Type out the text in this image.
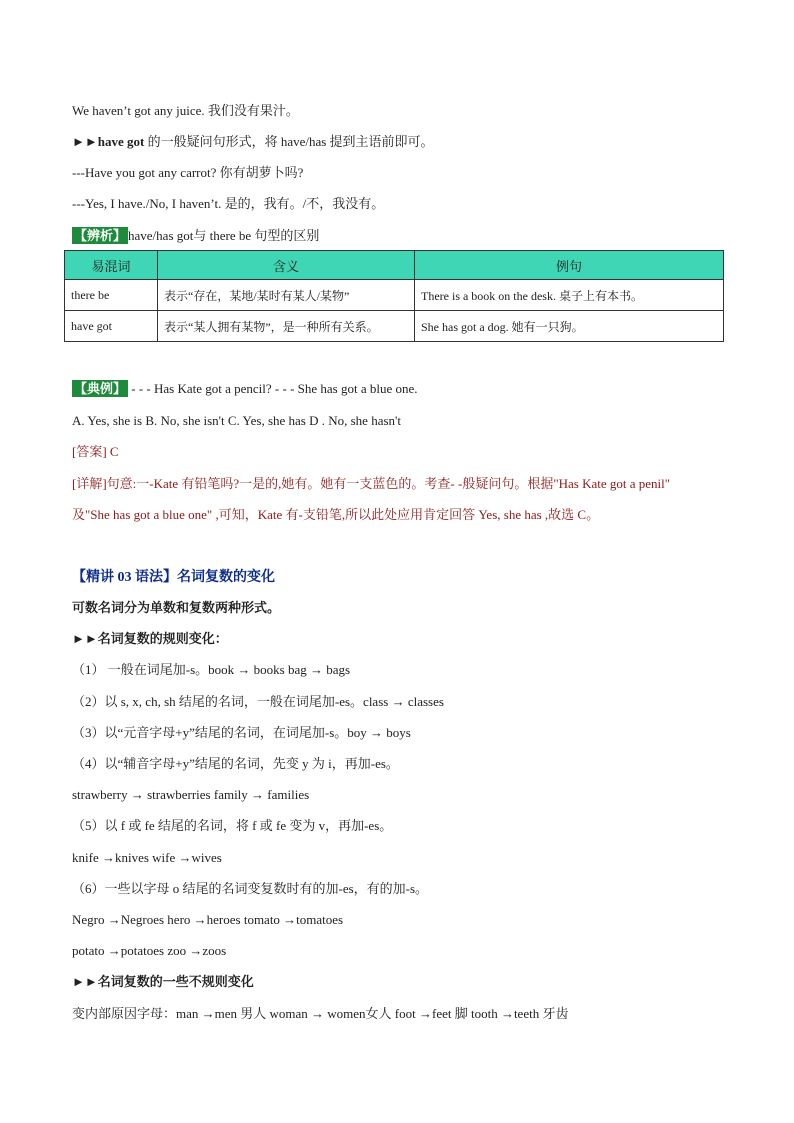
We haven’t got any juice. 我们没有果汁。
►►have got 的一般疑问句形式，将 have/has 提到主语前即可。
---Have you got any carrot? 你有胡萝卜吗?
---Yes, I have./No, I haven’t. 是的，我有。/不，我没有。
【辨析】 have/has got与 there be 句型的区别
易混词	含义	例句
there be	表示“存在，某地/某时有某人/某物”	There is a book on the desk. 桌子上有本书。
have got	表示“某人拥有某物”，是一种所有关系。	She has got a dog. 她有一只狗。
【典例】 - - - Has Kate got a pencil? - - - She has got a blue one.
A. Yes, she is B. No, she isn't C. Yes, she has D . No, she hasn't
[答案] C
[详解]句意:一-Kate 有铅笔吗?一是的,她有。她有一支蓝色的。考查- -般疑问句。根据"Has Kate got a penil"
及"She has got a blue one" ,可知，Kate 有-支铅笔,所以此处应用肯定回答 Yes, she has ,故选 C。
【精讲 03 语法】名词复数的变化
可数名词分为单数和复数两种形式。
►►名词复数的规则变化：
（1） 一般在词尾加-s。book → books bag → bags
（2）以 s, x, ch, sh 结尾的名词，一般在词尾加-es。class → classes
（3）以“元音字母+y”结尾的名词，在词尾加-s。boy → boys
（4）以“辅音字母+y”结尾的名词，先变 y 为 i，再加-es。
strawberry → strawberries family → families
（5）以 f 或 fe 结尾的名词，将 f 或 fe 变为 v，再加-es。
knife →knives wife →wives
（6）一些以字母 o 结尾的名词变复数时有的加-es，有的加-s。
Negro →Negroes hero →heroes tomato →tomatoes
potato →potatoes zoo →zoos
►►名词复数的一些不规则变化
变内部原因字母：man →men 男人 woman → women女人 foot →feet 脚 tooth →teeth 牙齿
